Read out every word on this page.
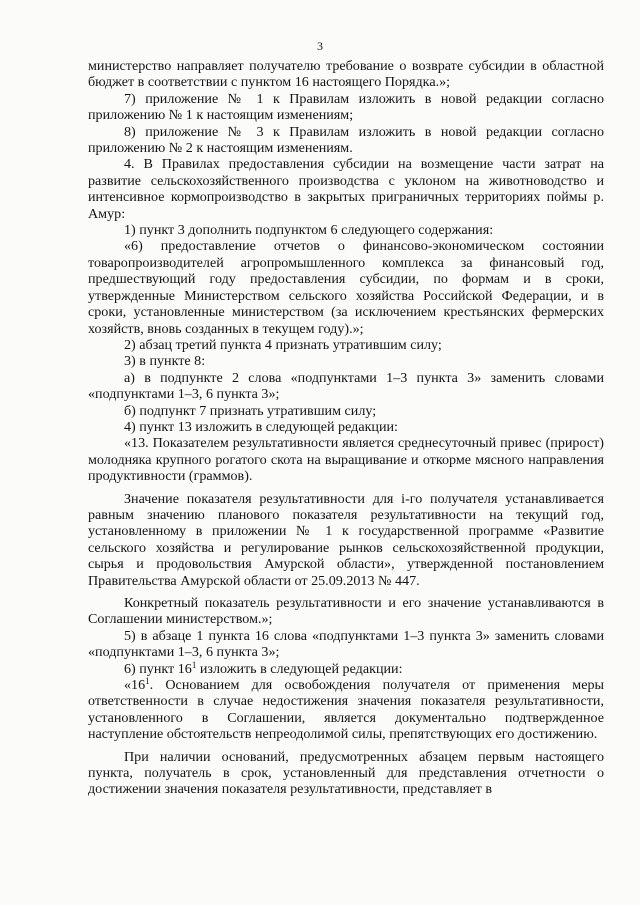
3

министерство направляет получателю требование о возврате субсидии в областной бюджет в соответствии с пунктом 16 настоящего Порядка.»;

7) приложение № 1 к Правилам изложить в новой редакции согласно приложению № 1 к настоящим изменениям;

8) приложение № 3 к Правилам изложить в новой редакции согласно приложению № 2 к настоящим изменениям.

4. В Правилах предоставления субсидии на возмещение части затрат на развитие сельскохозяйственного производства с уклоном на животноводство и интенсивное кормопроизводство в закрытых приграничных территориях поймы р. Амур:

1) пункт 3 дополнить подпунктом 6 следующего содержания:

«6) предоставление отчетов о финансово-экономическом состоянии товаропроизводителей агропромышленного комплекса за финансовый год, предшествующий году предоставления субсидии, по формам и в сроки, утвержденные Министерством сельского хозяйства Российской Федерации, и в сроки, установленные министерством (за исключением крестьянских фермерских хозяйств, вновь созданных в текущем году).»;

2) абзац третий пункта 4 признать утратившим силу;

3) в пункте 8:

а) в подпункте 2 слова «подпунктами 1–3 пункта 3» заменить словами «подпунктами 1–3, 6 пункта 3»;

б) подпункт 7 признать утратившим силу;

4) пункт 13 изложить в следующей редакции:

«13. Показателем результативности является среднесуточный привес (прирост) молодняка крупного рогатого скота на выращивание и откорме мясного направления продуктивности (граммов).

Значение показателя результативности для i-го получателя устанавливается равным значению планового показателя результативности на текущий год, установленному в приложении № 1 к государственной программе «Развитие сельского хозяйства и регулирование рынков сельскохозяйственной продукции, сырья и продовольствия Амурской области», утвержденной постановлением Правительства Амурской области от 25.09.2013 № 447.

Конкретный показатель результативности и его значение устанавливаются в Соглашении министерством.»;

5) в абзаце 1 пункта 16 слова «подпунктами 1–3 пункта 3» заменить словами «подпунктами 1–3, 6 пункта 3»;

6) пункт $16^1$ изложить в следующей редакции:

«$16^1$. Основанием для освобождения получателя от применения меры ответственности в случае недостижения значения показателя результативности, установленного в Соглашении, является документально подтвержденное наступление обстоятельств непреодолимой силы, препятствующих его достижению.

При наличии оснований, предусмотренных абзацем первым настоящего пункта, получатель в срок, установленный для представления отчетности о достижении значения показателя результативности, представляет в
